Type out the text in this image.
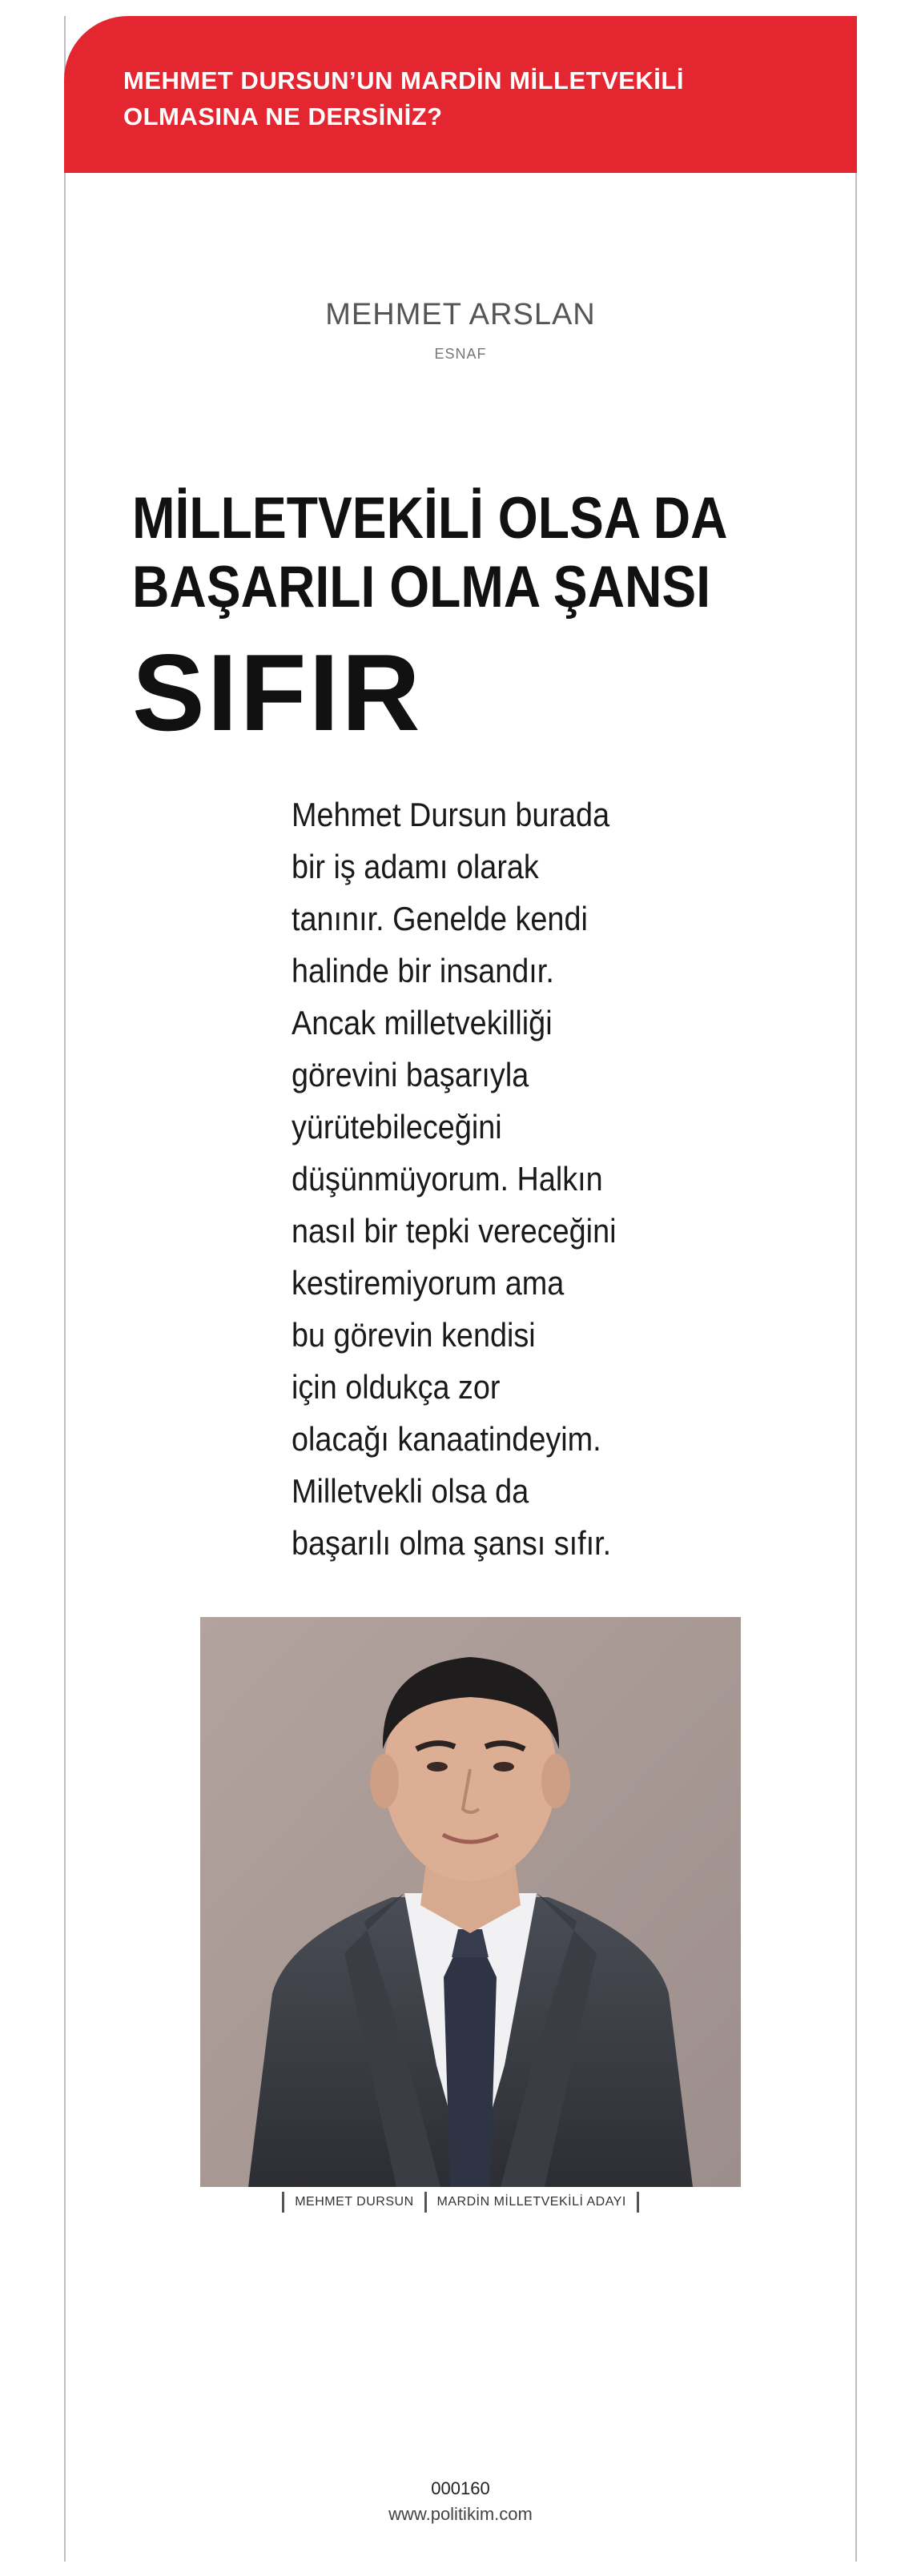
MEHMET DURSUN’UN MARDİN MİLLETVEKİLİ
OLMASINA NE DERSİNİZ?
MEHMET ARSLAN
ESNAF
MİLLETVEKİLİ OLSA DA
BAŞARILI OLMA ŞANSI
SIFIR
Mehmet Dursun burada
bir iş adamı olarak
tanınır. Genelde kendi
halinde bir insandır.
Ancak milletvekilliği
görevini başarıyla
yürütebileceğini
düşünmüyorum. Halkın
nasıl bir tepki vereceğini
kestiremiyorum ama
bu görevin kendisi
için oldukça zor
olacağı kanaatindeyim.
Milletvekli olsa da
başarılı olma şansı sıfır.
MEHMET DURSUN MARDİN MİLLETVEKİLİ ADAYI
000160
www.politikim.com
